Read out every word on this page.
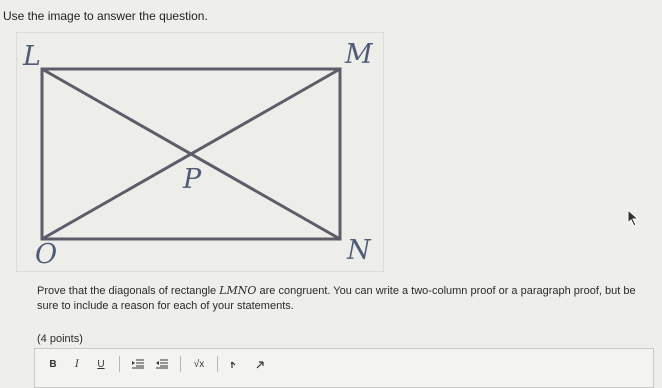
Use the image to answer the question.
L	M
N
O
P
Prove that the diagonals of rectangle LMNO are congruent. You can write a two-column proof or a paragraph proof, but be sure to include a reason for each of your statements.
(4 points)
B	I	U	√x
